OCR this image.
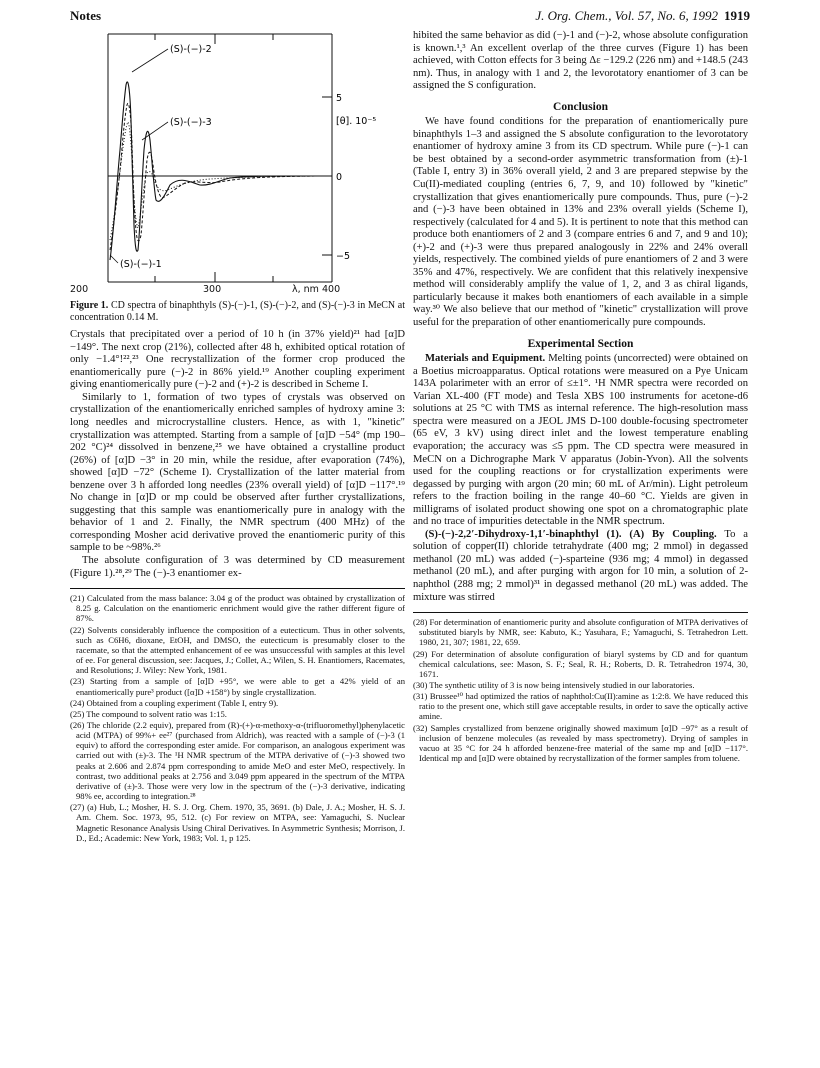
Notes	J. Org. Chem., Vol. 57, No. 6, 1992 1919
(S)-(−)-2
(S)-(−)-3
(S)-(−)-1
5
0
−5
[θ]. 10⁻⁵
200	300	λ, nm 400

Figure 1. CD spectra of binaphthyls (S)-(−)-1, (S)-(−)-2, and (S)-(−)-3 in MeCN at concentration 0.14 M.

Crystals that precipitated over a period of 10 h (in 37% yield)²¹ had [α]D −149°. The next crop (21%), collected after 48 h, exhibited optical rotation of only −1.4°!²²,²³ One recrystallization of the former crop produced the enantiomerically pure (−)-2 in 86% yield.¹⁹ Another coupling experiment giving enantiomerically pure (−)-2 and (+)-2 is described in Scheme I.

Similarly to 1, formation of two types of crystals was observed on crystallization of the enantiomerically enriched samples of hydroxy amine 3: long needles and microcrystalline clusters. Hence, as with 1, "kinetic" crystallization was attempted. Starting from a sample of [α]D −54° (mp 190–202 °C)²⁴ dissolved in benzene,²⁵ we have obtained a crystalline product (26%) of [α]D −3° in 20 min, while the residue, after evaporation (74%), showed [α]D −72° (Scheme I). Crystallization of the latter material from benzene over 3 h afforded long needles (23% overall yield) of [α]D −117°.¹⁹ No change in [α]D or mp could be observed after further crystallizations, suggesting that this sample was enantiomerically pure in analogy with the behavior of 1 and 2. Finally, the NMR spectrum (400 MHz) of the corresponding Mosher acid derivative proved the enantiomeric purity of this sample to be ~98%.²⁶

The absolute configuration of 3 was determined by CD measurement (Figure 1).²⁸,²⁹ The (−)-3 enantiomer ex-

(21) Calculated from the mass balance: 3.04 g of the product was obtained by crystallization of 8.25 g. Calculation on the enantiomeric enrichment would give the rather different figure of 87%.

(22) Solvents considerably influence the composition of a eutecticum. Thus in other solvents, such as C6H6, dioxane, EtOH, and DMSO, the eutecticum is presumably closer to the racemate, so that the attempted enhancement of ee was unsuccessful with samples at this level of ee. For general discussion, see: Jacques, J.; Collet, A.; Wilen, S. H. Enantiomers, Racemates, and Resolutions; J. Wiley: New York, 1981.

(23) Starting from a sample of [α]D +95°, we were able to get a 42% yield of an enantiomerically pure³ product ([α]D +158°) by single crystallization.

(24) Obtained from a coupling experiment (Table I, entry 9).

(25) The compound to solvent ratio was 1:15.

(26) The chloride (2.2 equiv), prepared from (R)-(+)-α-methoxy-α-(trifluoromethyl)phenylacetic acid (MTPA) of 99%+ ee²⁷ (purchased from Aldrich), was reacted with a sample of (−)-3 (1 equiv) to afford the corresponding ester amide. For comparison, an analogous experiment was carried out with (±)-3. The ¹H NMR spectrum of the MTPA derivative of (−)-3 showed two peaks at 2.606 and 2.874 ppm corresponding to amide MeO and ester MeO, respectively. In contrast, two additional peaks at 2.756 and 3.049 ppm appeared in the spectrum of the MTPA derivative of (±)-3. Those were very low in the spectrum of the (−)-3 derivative, indicating 98% ee, according to integration.²⁸

(27) (a) Hub, L.; Mosher, H. S. J. Org. Chem. 1970, 35, 3691. (b) Dale, J. A.; Mosher, H. S. J. Am. Chem. Soc. 1973, 95, 512. (c) For review on MTPA, see: Yamaguchi, S. Nuclear Magnetic Resonance Analysis Using Chiral Derivatives. In Asymmetric Synthesis; Morrison, J. D., Ed.; Academic: New York, 1983; Vol. 1, p 125.

hibited the same behavior as did (−)-1 and (−)-2, whose absolute configuration is known.¹,³ An excellent overlap of the three curves (Figure 1) has been achieved, with Cotton effects for 3 being Δε −129.2 (226 nm) and +148.5 (243 nm). Thus, in analogy with 1 and 2, the levorotatory enantiomer of 3 can be assigned the S configuration.

Conclusion

We have found conditions for the preparation of enantiomerically pure binaphthyls 1–3 and assigned the S absolute configuration to the levorotatory enantiomer of hydroxy amine 3 from its CD spectrum. While pure (−)-1 can be best obtained by a second-order asymmetric transformation from (±)-1 (Table I, entry 3) in 36% overall yield, 2 and 3 are prepared stepwise by the Cu(II)-mediated coupling (entries 6, 7, 9, and 10) followed by "kinetic" crystallization that gives enantiomerically pure compounds. Thus, pure (−)-2 and (−)-3 have been obtained in 13% and 23% overall yields (Scheme I), respectively (calculated for 4 and 5). It is pertinent to note that this method can produce both enantiomers of 2 and 3 (compare entries 6 and 7, and 9 and 10); (+)-2 and (+)-3 were thus prepared analogously in 22% and 24% overall yields, respectively. The combined yields of pure enantiomers of 2 and 3 were 35% and 47%, respectively. We are confident that this relatively inexpensive method will considerably amplify the value of 1, 2, and 3 as chiral ligands, particularly because it makes both enantiomers of each available in a simple way.³⁰ We also believe that our method of "kinetic" crystallization will prove useful for the preparation of other enantiomerically pure compounds.

Experimental Section

Materials and Equipment. Melting points (uncorrected) were obtained on a Boetius microapparatus. Optical rotations were measured on a Pye Unicam 143A polarimeter with an error of ≤±1°. ¹H NMR spectra were recorded on Varian XL-400 (FT mode) and Tesla XBS 100 instruments for acetone-d6 solutions at 25 °C with TMS as internal reference. The high-resolution mass spectra were measured on a JEOL JMS D-100 double-focusing spectrometer (65 eV, 3 kV) using direct inlet and the lowest temperature enabling evaporation; the accuracy was ≤5 ppm. The CD spectra were measured in MeCN on a Dichrographe Mark V apparatus (Jobin-Yvon). All the solvents used for the coupling reactions or for crystallization experiments were degassed by purging with argon (20 min; 60 mL of Ar/min). Light petroleum refers to the fraction boiling in the range 40–60 °C. Yields are given in milligrams of isolated product showing one spot on a chromatographic plate and no trace of impurities detectable in the NMR spectrum.

(S)-(−)-2,2′-Dihydroxy-1,1′-binaphthyl (1). (A) By Coupling. To a solution of copper(II) chloride tetrahydrate (400 mg; 2 mmol) in degassed methanol (20 mL) was added (−)-sparteine (936 mg; 4 mmol) in degassed methanol (20 mL), and after purging with argon for 10 min, a solution of 2-naphthol (288 mg; 2 mmol)³¹ in degassed methanol (20 mL) was added. The mixture was stirred

(28) For determination of enantiomeric purity and absolute configuration of MTPA derivatives of substituted biaryls by NMR, see: Kabuto, K.; Yasuhara, F.; Yamaguchi, S. Tetrahedron Lett. 1980, 21, 307; 1981, 22, 659.

(29) For determination of absolute configuration of biaryl systems by CD and for quantum chemical calculations, see: Mason, S. F.; Seal, R. H.; Roberts, D. R. Tetrahedron 1974, 30, 1671.

(30) The synthetic utility of 3 is now being intensively studied in our laboratories.

(31) Brussee¹⁰ had optimized the ratios of naphthol:Cu(II):amine as 1:2:8. We have reduced this ratio to the present one, which still gave acceptable results, in order to save the optically active amine.

(32) Samples crystallized from benzene originally showed maximum [α]D −97° as a result of inclusion of benzene molecules (as revealed by mass spectrometry). Drying of samples in vacuo at 35 °C for 24 h afforded benzene-free material of the same mp and [α]D −117°. Identical mp and [α]D were obtained by recrystallization of the former samples from toluene.
